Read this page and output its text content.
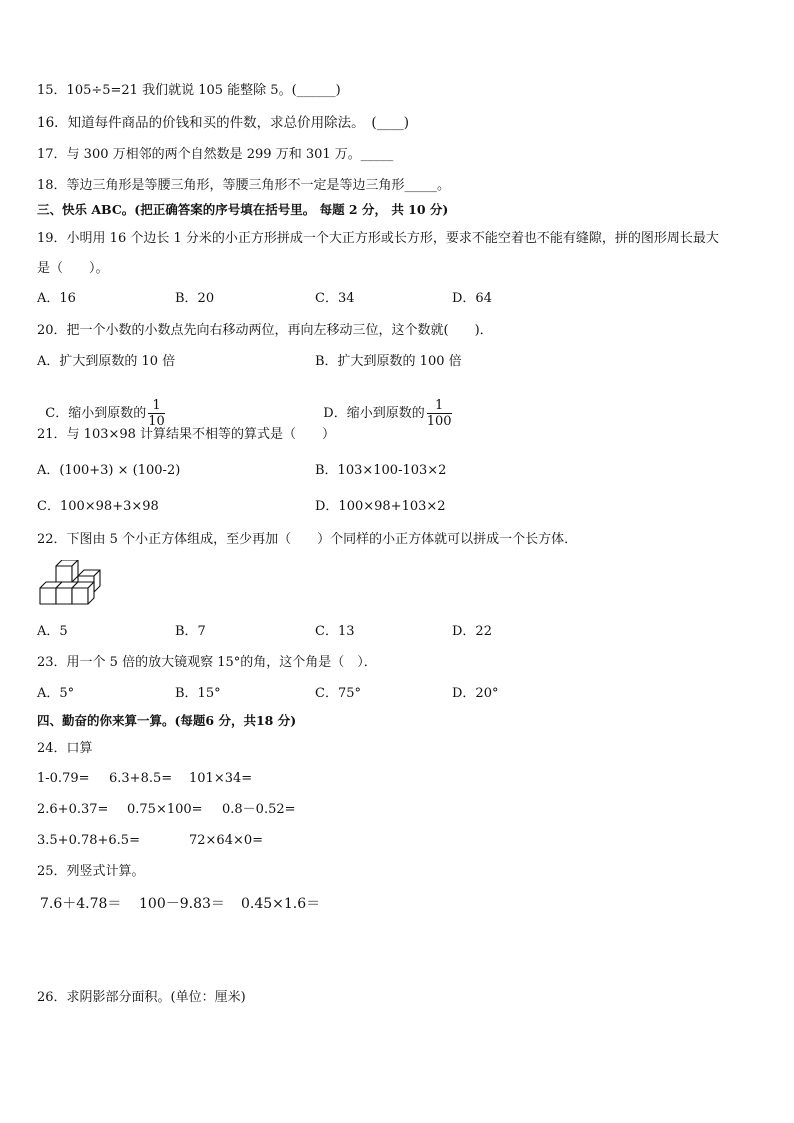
15．105÷5=21 我们就说 105 能整除 5。(______)
16．知道每件商品的价钱和买的件数，求总价用除法。　(____)
17．与 300 万相邻的两个自然数是 299 万和 301 万。_____
18．等边三角形是等腰三角形，等腰三角形不一定是等边三角形_____。
三、快乐 ABC。(把正确答案的序号填在括号里。 每题 2 分， 共 10 分)
19．小明用 16 个边长 1 分米的小正方形拼成一个大正方形或长方形，要求不能空着也不能有缝隙，拼的图形周长最大
是（　　）。
A．16	B．20	C．34	D．64
20．把一个小数的小数点先向右移动两位，再向左移动三位，这个数就(　　)．
A．扩大到原数的 10 倍	B．扩大到原数的 100 倍

C．缩小到原数的 $\frac{1}{10}$	D．缩小到原数的 $\frac{1}{100}$

21．与 103×98 计算结果不相等的算式是（　　）
A．(100+3) × (100-2)	B．103×100-103×2
C．100×98+3×98	D．100×98+103×2
22．下图由 5 个小正方体组成，至少再加（　　）个同样的小正方体就可以拼成一个长方体．
A．5	B．7	C．13	D．22
23．用一个 5 倍的放大镜观察 15°的角，这个角是（　）．
A．5°	B．15°	C．75°	D．20°
四、勤奋的你来算一算。(每题6 分，共18 分)
24．口算
1-0.79= 6.3+8.5= 101×34=
2.6+0.37= 0.75×100= 0.8－0.52=
3.5+0.78+6.5=	72×64×0=
25．列竖式计算。
7.6＋4.78＝ 100－9.83＝ 0.45×1.6＝
26．求阴影部分面积。(单位：厘米)
